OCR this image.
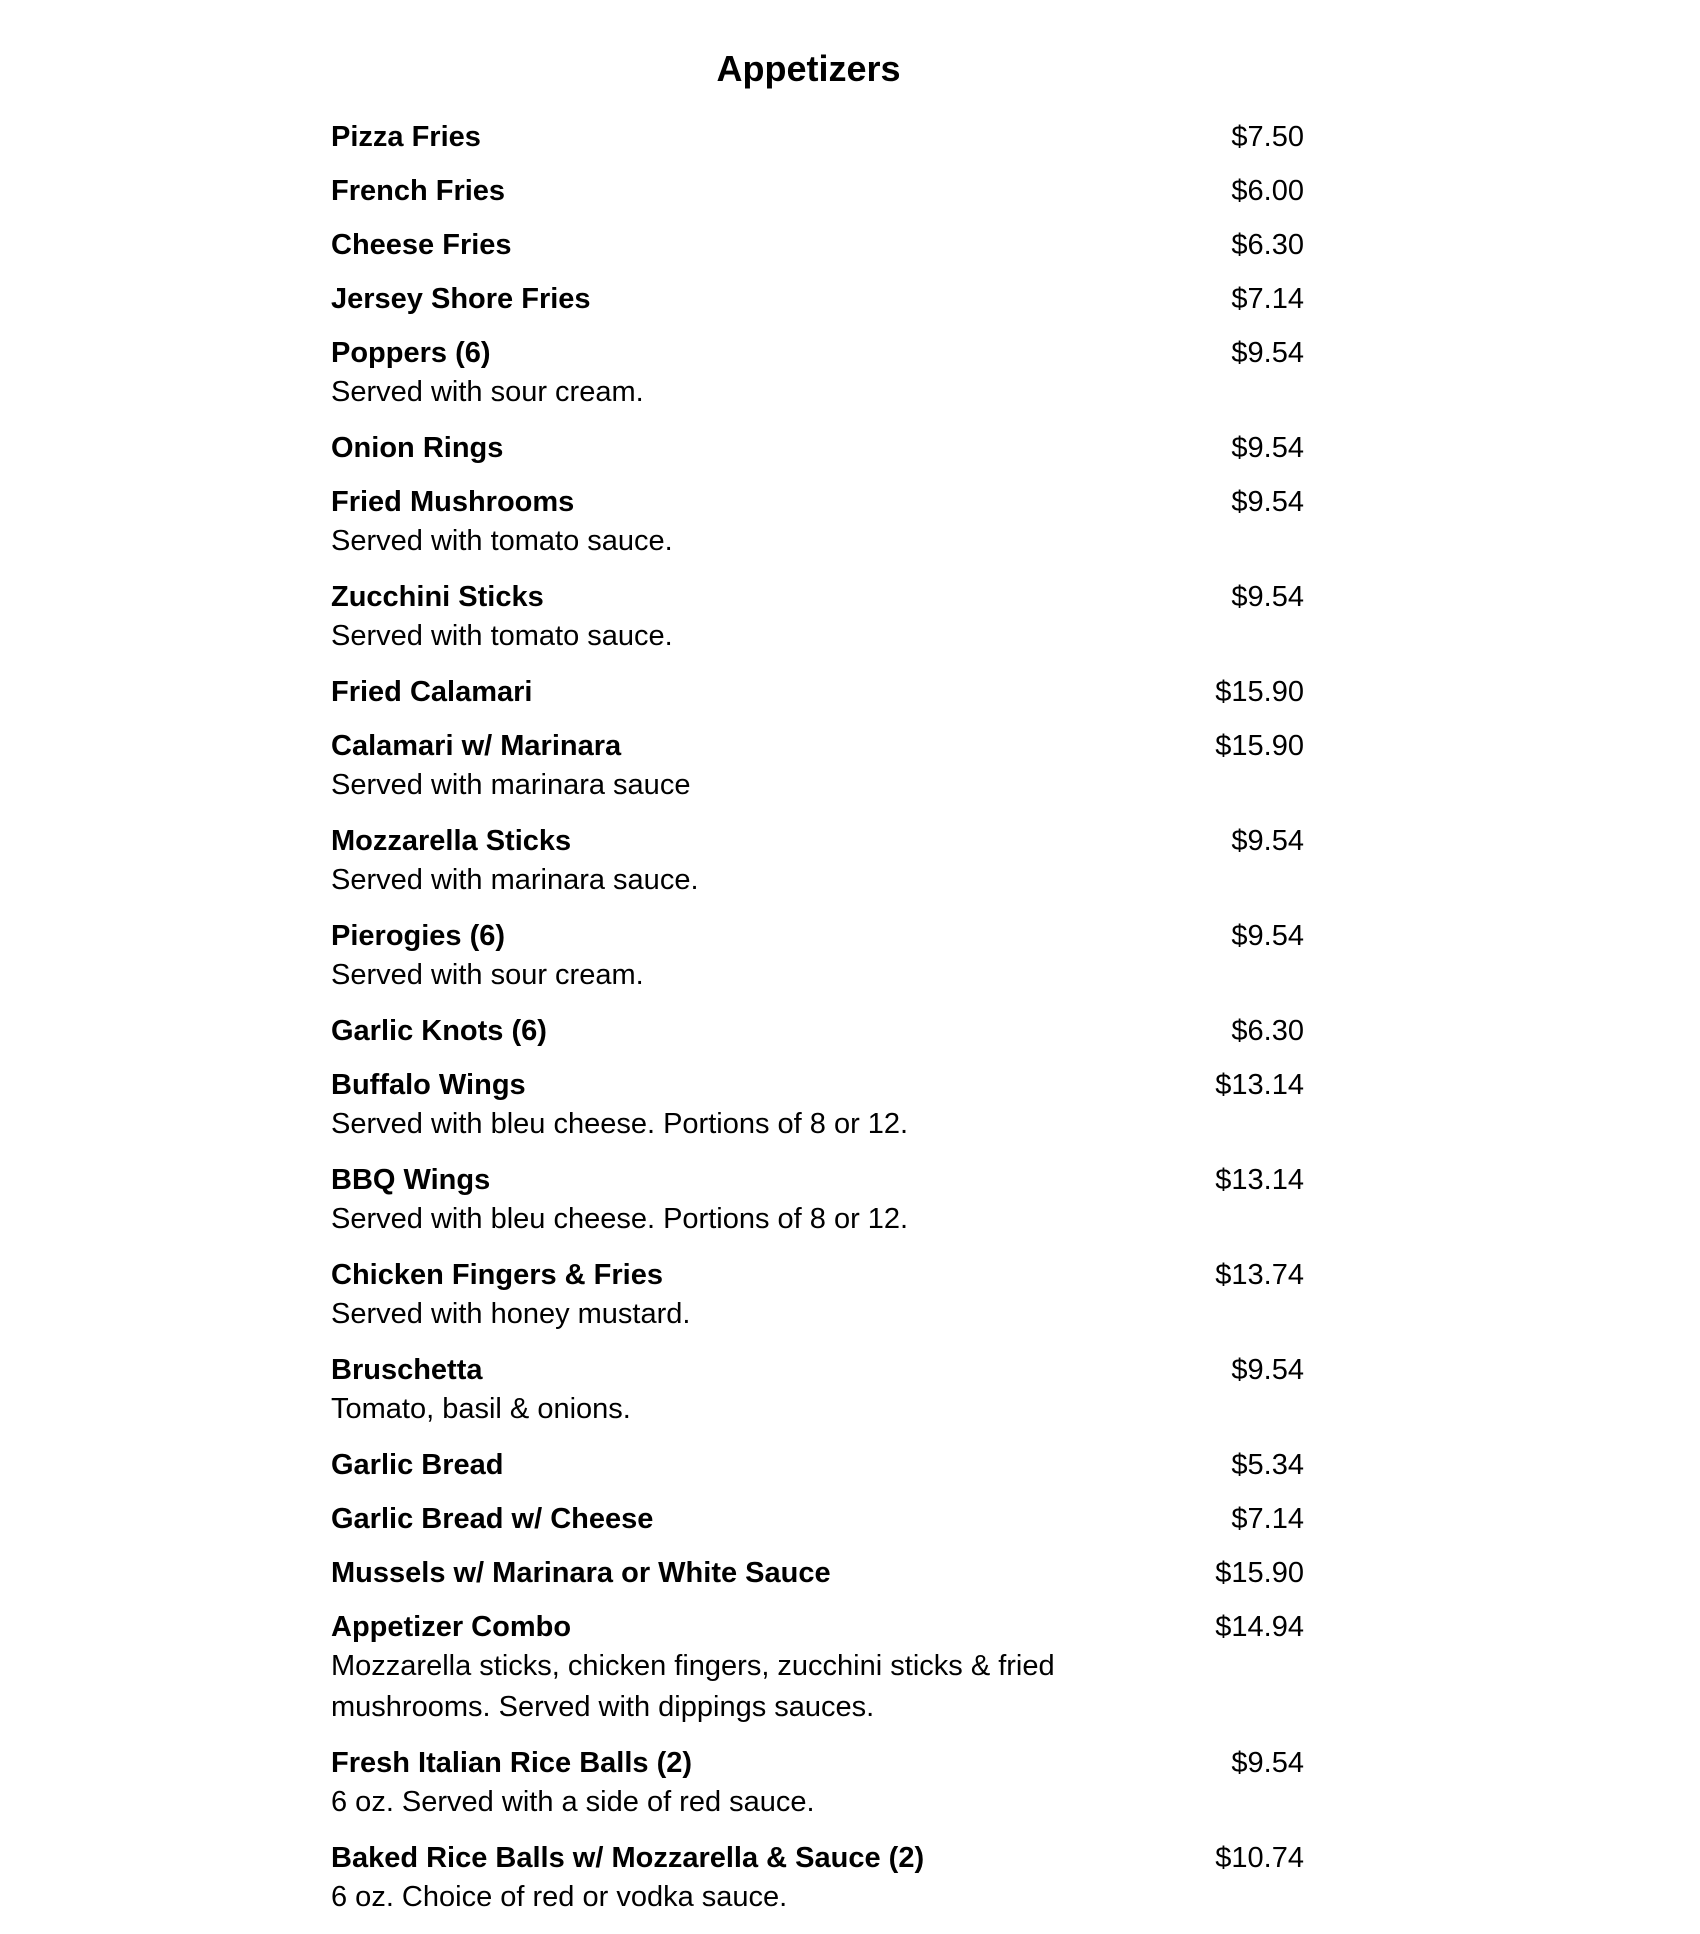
Appetizers
Pizza Fries	$7.50
French Fries	$6.00
Cheese Fries	$6.30
Jersey Shore Fries	$7.14
Poppers (6)	$9.54
Served with sour cream.
Onion Rings	$9.54
Fried Mushrooms	$9.54
Served with tomato sauce.
Zucchini Sticks	$9.54
Served with tomato sauce.
Fried Calamari	$15.90
Calamari w/ Marinara	$15.90
Served with marinara sauce
Mozzarella Sticks	$9.54
Served with marinara sauce.
Pierogies (6)	$9.54
Served with sour cream.
Garlic Knots (6)	$6.30
Buffalo Wings	$13.14
Served with bleu cheese. Portions of 8 or 12.
BBQ Wings	$13.14
Served with bleu cheese. Portions of 8 or 12.
Chicken Fingers & Fries	$13.74
Served with honey mustard.
Bruschetta	$9.54
Tomato, basil & onions.
Garlic Bread	$5.34
Garlic Bread w/ Cheese	$7.14
Mussels w/ Marinara or White Sauce	$15.90
Appetizer Combo	$14.94
Mozzarella sticks, chicken fingers, zucchini sticks & fried mushrooms. Served with dippings sauces.
Fresh Italian Rice Balls (2)	$9.54
6 oz. Served with a side of red sauce.
Baked Rice Balls w/ Mozzarella & Sauce (2)	$10.74
6 oz. Choice of red or vodka sauce.
